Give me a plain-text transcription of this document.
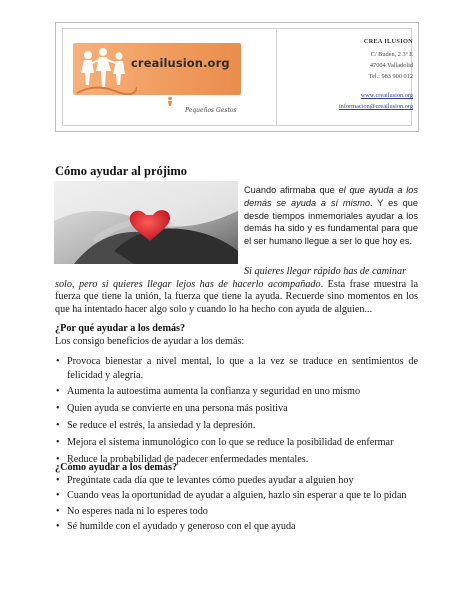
creailusion.org
Pequeños Gestos
CREA ILUSION
C/ Budén, 2 3º E
47004 Valladolid
Tel.: 983 900 012
www.creailusion.org
informacion@creailusion.org
Cómo ayudar al prójimo
Cuando afirmaba que el que ayuda a los demás se ayuda a sí mismo. Y es que desde tiempos inmemoriales ayudar a los demás ha sido y es fundamental para que el ser humano llegue a ser lo que hoy es.
Si quieres llegar rápido has de caminar
solo, pero si quieres llegar lejos has de hacerlo acompañado. Esta frase muestra la fuerza que tiene la unión, la fuerza que tiene la ayuda. Recuerde sino momentos en los que ha intentado hacer algo solo y cuando lo ha hecho con ayuda de alguien...
¿Por qué ayudar a los demás?
Los consigo beneficios de ayudar a los demás:
• Provoca bienestar a nivel mental, lo que a la vez se traduce en sentimientos de felicidad y alegría.
• Aumenta la autoestima aumenta la confianza y seguridad en uno mismo
• Quien ayuda se convierte en una persona más positiva
• Se reduce el estrés, la ansiedad y la depresión.
• Mejora el sistema inmunológico con lo que se reduce la posibilidad de enfermar
• Reduce la probabilidad de padecer enfermedades mentales.
¿Cómo ayudar a los demás?
• Pregúntate cada día que te levantes cómo puedes ayudar a alguien hoy
• Cuando veas la oportunidad de ayudar a alguien, hazlo sin esperar a que te lo pidan
• No esperes nada ni lo esperes todo
• Sé humilde con el ayudado y generoso con el que ayuda
